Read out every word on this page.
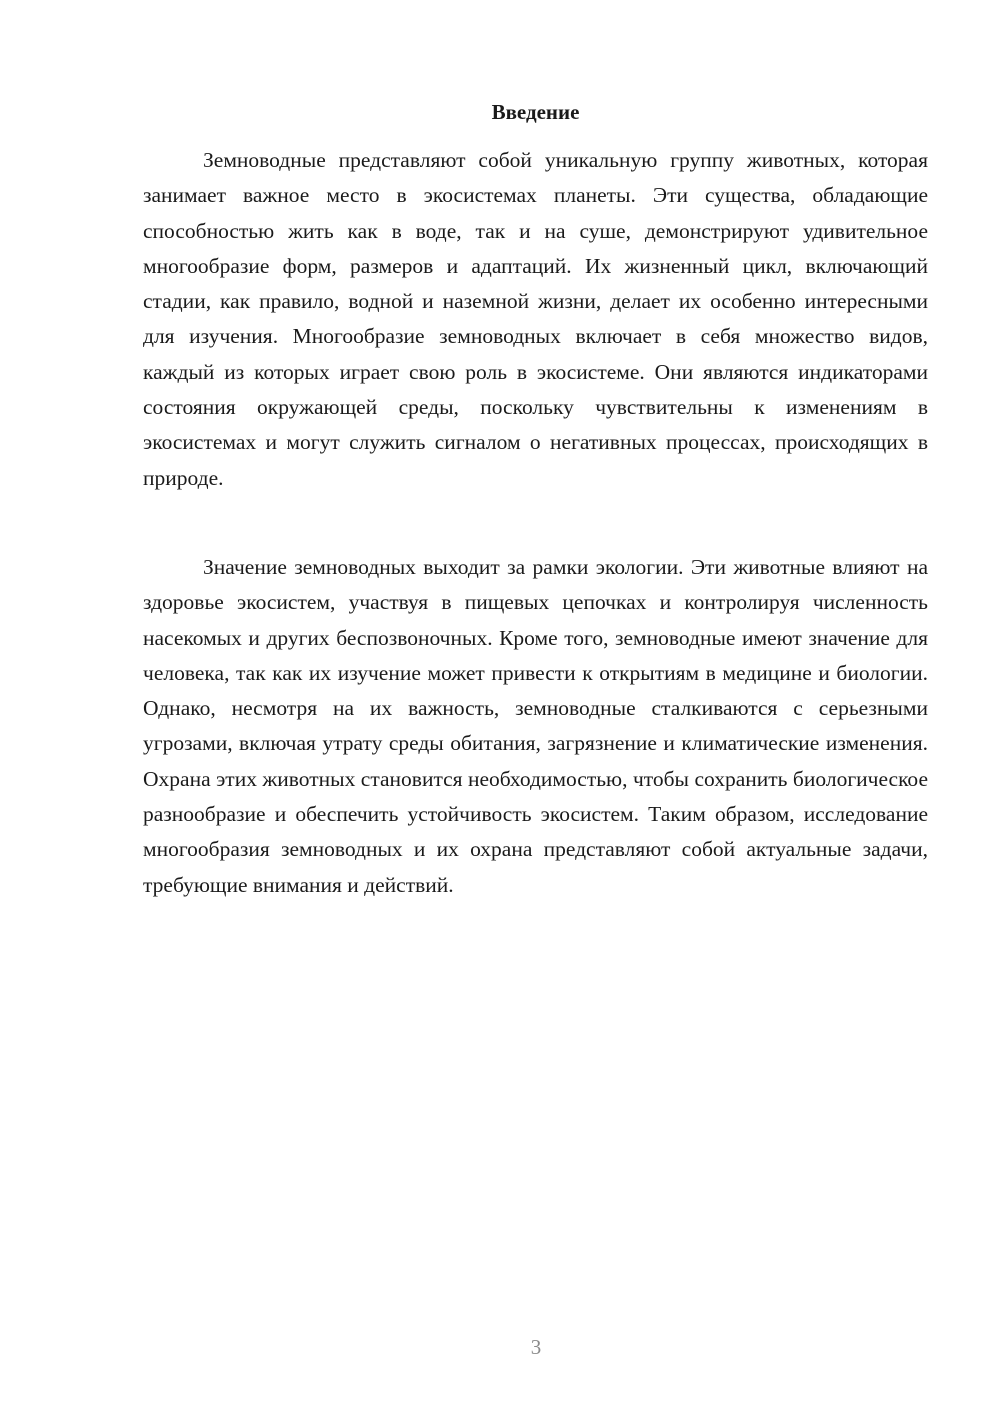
Введение

Земноводные представляют собой уникальную группу животных, которая занимает важное место в экосистемах планеты. Эти существа, обладающие способностью жить как в воде, так и на суше, демонстрируют удивительное многообразие форм, размеров и адаптаций. Их жизненный цикл, включающий стадии, как правило, водной и наземной жизни, делает их особенно интересными для изучения. Многообразие земноводных включает в себя множество видов, каждый из которых играет свою роль в экосистеме. Они являются индикаторами состояния окружающей среды, поскольку чувствительны к изменениям в экосистемах и могут служить сигналом о негативных процессах, происходящих в природе.

Значение земноводных выходит за рамки экологии. Эти животные влияют на здоровье экосистем, участвуя в пищевых цепочках и контролируя численность насекомых и других беспозвоночных. Кроме того, земноводные имеют значение для человека, так как их изучение может привести к открытиям в медицине и биологии. Однако, несмотря на их важность, земноводные сталкиваются с серьезными угрозами, включая утрату среды обитания, загрязнение и климатические изменения. Охрана этих животных становится необходимостью, чтобы сохранить биологическое разнообразие и обеспечить устойчивость экосистем. Таким образом, исследование многообразия земноводных и их охрана представляют собой актуальные задачи, требующие внимания и действий.

3
